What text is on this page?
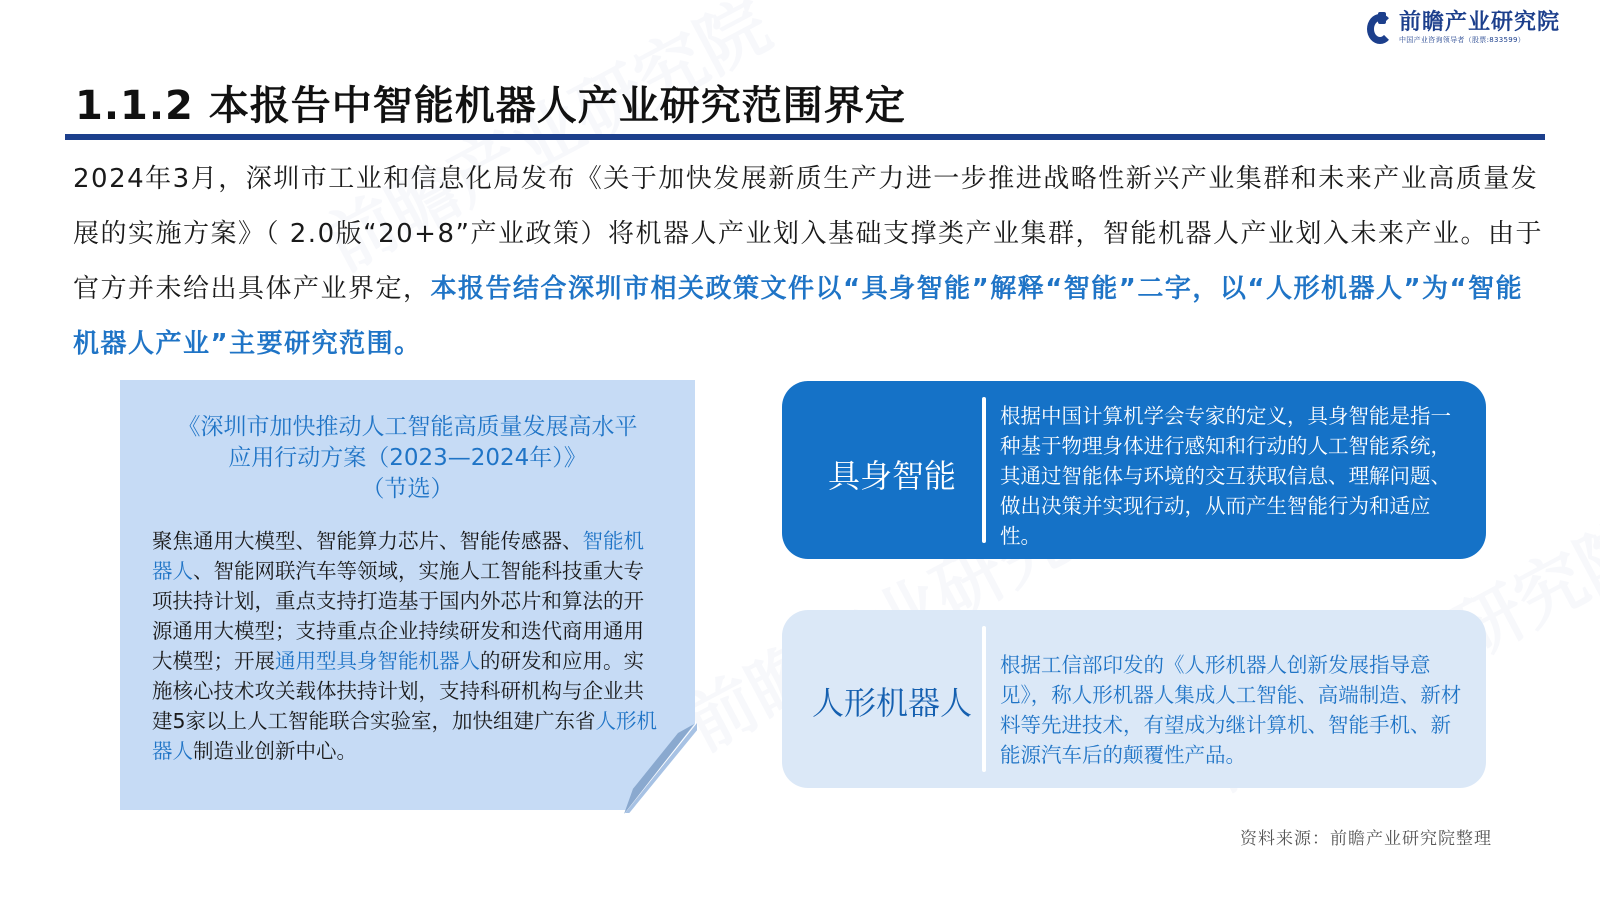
前瞻产业研究院
中国产业咨询领导者（股票:833599）
1.1.2 本报告中智能机器人产业研究范围界定

2024年3月，深圳市工业和信息化局发布《关于加快发展新质生产力进一步推进战略性新兴产业集群和未来产业高质量发展的实施方案》（ 2.0版“20+8”产业政策）将机器人产业划入基础支撑类产业集群，智能机器人产业划入未来产业。由于官方并未给出具体产业界定，本报告结合深圳市相关政策文件以“具身智能”解释“智能”二字，以“人形机器人”为“智能机器人产业”主要研究范围。

《深圳市加快推动人工智能高质量发展高水平
应用行动方案（2023—2024年）》
（节选）
聚焦通用大模型、智能算力芯片、智能传感器、智能机器人、智能网联汽车等领域，实施人工智能科技重大专项扶持计划，重点支持打造基于国内外芯片和算法的开源通用大模型；支持重点企业持续研发和迭代商用通用大模型；开展通用型具身智能机器人的研发和应用。实施核心技术攻关载体扶持计划，支持科研机构与企业共建5家以上人工智能联合实验室，加快组建广东省人形机器人制造业创新中心。
具身智能
根据中国计算机学会专家的定义，具身智能是指一种基于物理身体进行感知和行动的人工智能系统，其通过智能体与环境的交互获取信息、理解问题、做出决策并实现行动，从而产生智能行为和适应性。
人形机器人
根据工信部印发的《人形机器人创新发展指导意见》，称人形机器人集成人工智能、高端制造、新材料等先进技术，有望成为继计算机、智能手机、新能源汽车后的颠覆性产品。
资料来源：前瞻产业研究院整理
